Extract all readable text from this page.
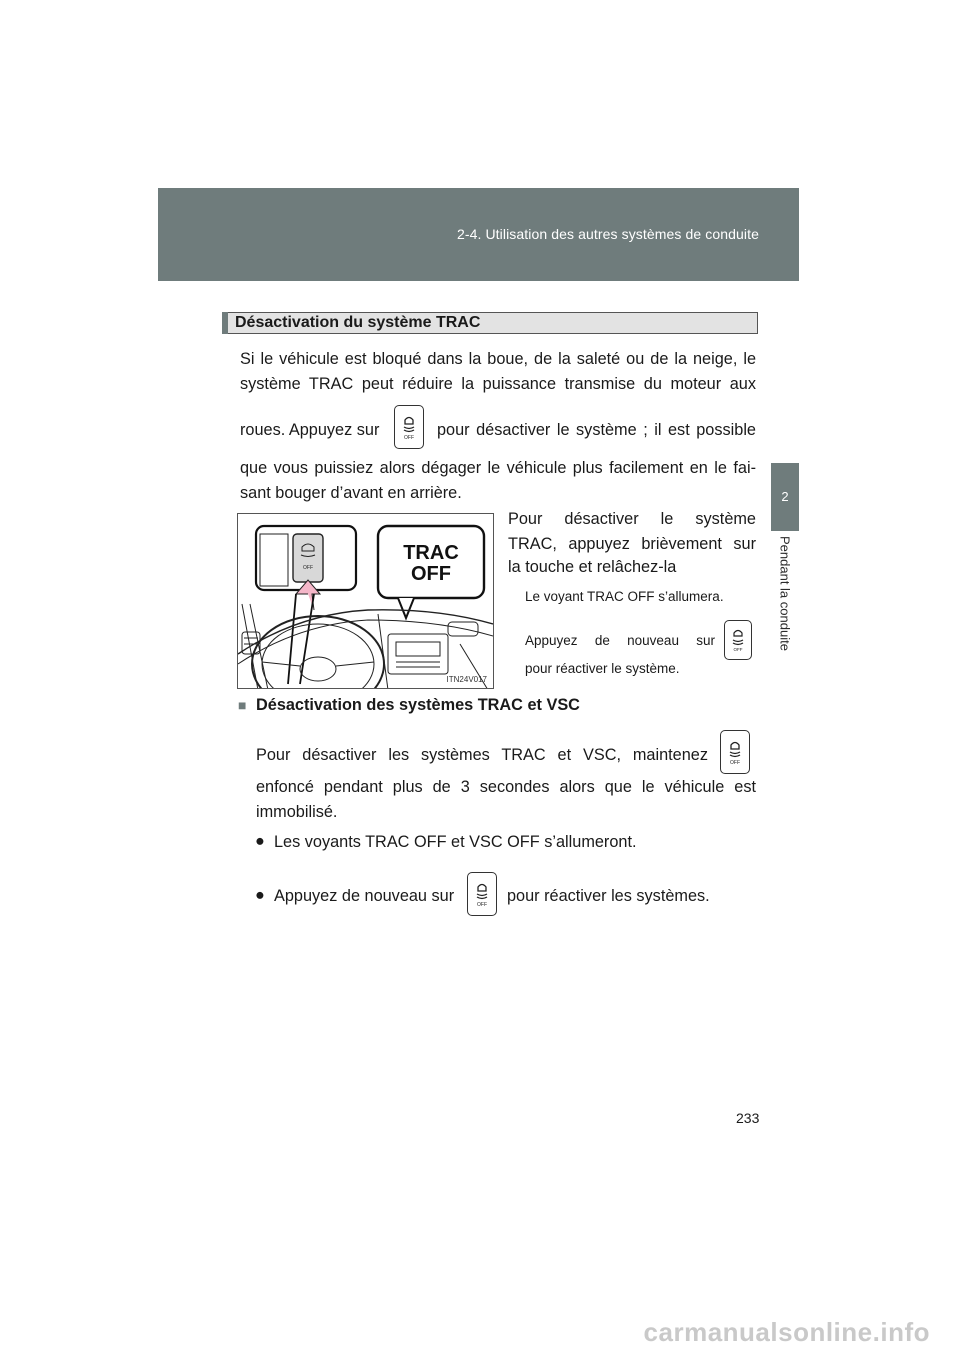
2-4. Utilisation des autres systèmes de conduite
2
Pendant la conduite
Désactivation du système TRAC
Si le véhicule est bloqué dans la boue, de la saleté ou de la neige, le
système TRAC peut réduire la puissance transmise du moteur aux
roues. Appuyez sur	OFF pour désactiver le système ; il est possible
que vous puissiez alors dégager le véhicule plus facilement en le fai-
sant bouger d’avant en arrière.
OFF
TRAC
OFF
ITN24V017
Pour désactiver le système
TRAC, appuyez brièvement sur
la touche et relâchez-la
Le voyant TRAC OFF s’allumera.
Appuyez de nouveau sur
OFF
pour réactiver le système.
■ Désactivation des systèmes TRAC et VSC
Pour désactiver les systèmes TRAC et VSC, maintenez	OFF
enfoncé pendant plus de 3 secondes alors que le véhicule est
immobilisé.
● Les voyants TRAC OFF et VSC OFF s’allumeront.
● Appuyez de nouveau sur	OFF pour réactiver les systèmes.
233
carmanualsonline.info
